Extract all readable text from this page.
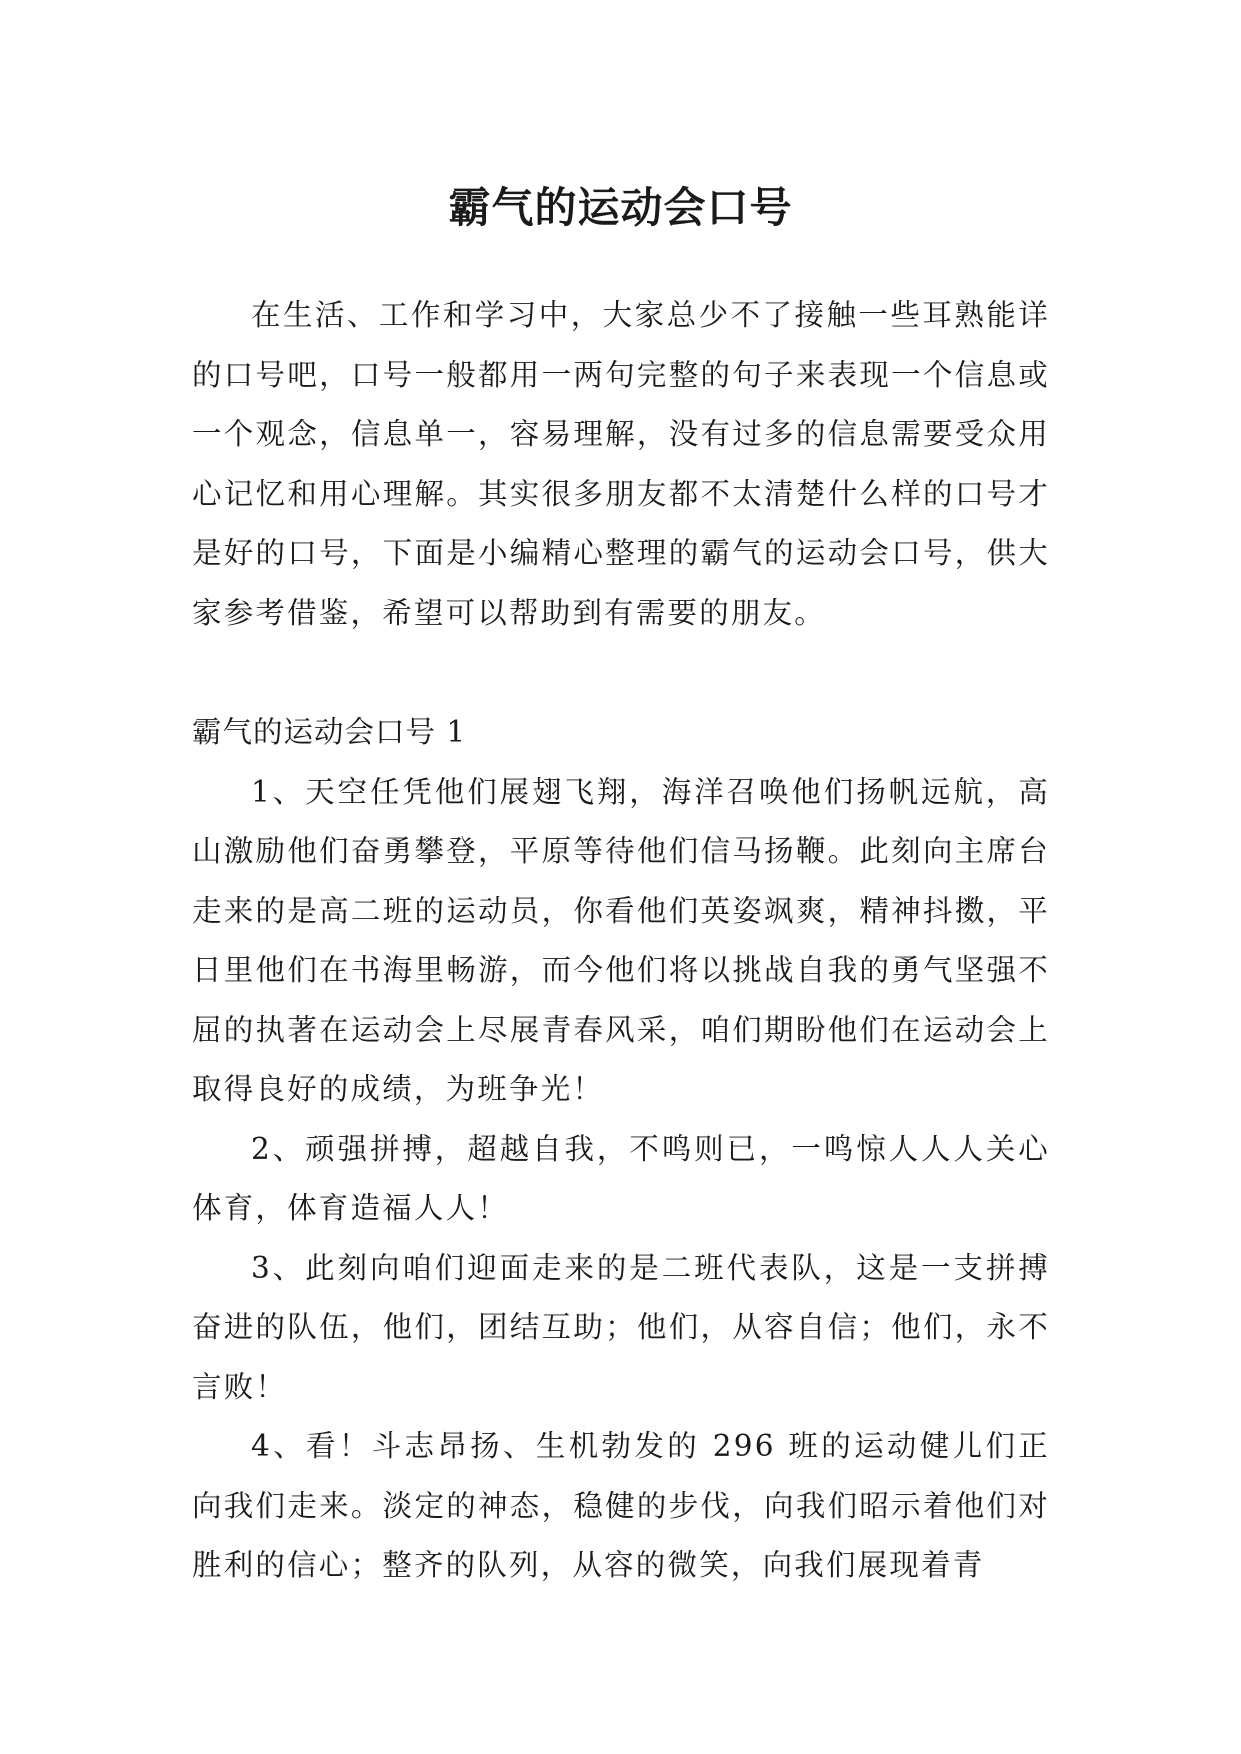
霸气的运动会口号

在生活、工作和学习中，大家总少不了接触一些耳熟能详的口号吧，口号一般都用一两句完整的句子来表现一个信息或一个观念，信息单一，容易理解，没有过多的信息需要受众用心记忆和用心理解。其实很多朋友都不太清楚什么样的口号才是好的口号，下面是小编精心整理的霸气的运动会口号，供大家参考借鉴，希望可以帮助到有需要的朋友。

霸气的运动会口号 1

1、天空任凭他们展翅飞翔，海洋召唤他们扬帆远航，高山激励他们奋勇攀登，平原等待他们信马扬鞭。此刻向主席台走来的是高二班的运动员，你看他们英姿飒爽，精神抖擞，平日里他们在书海里畅游，而今他们将以挑战自我的勇气坚强不屈的执著在运动会上尽展青春风采，咱们期盼他们在运动会上取得良好的成绩，为班争光！

2、顽强拼搏，超越自我，不鸣则已，一鸣惊人人人关心体育，体育造福人人！

3、此刻向咱们迎面走来的是二班代表队，这是一支拼搏奋进的队伍，他们，团结互助；他们，从容自信；他们，永不言败！

4、看！斗志昂扬、生机勃发的 296 班的运动健儿们正向我们走来。淡定的神态，稳健的步伐，向我们昭示着他们对胜利的信心；整齐的队列，从容的微笑，向我们展现着青
